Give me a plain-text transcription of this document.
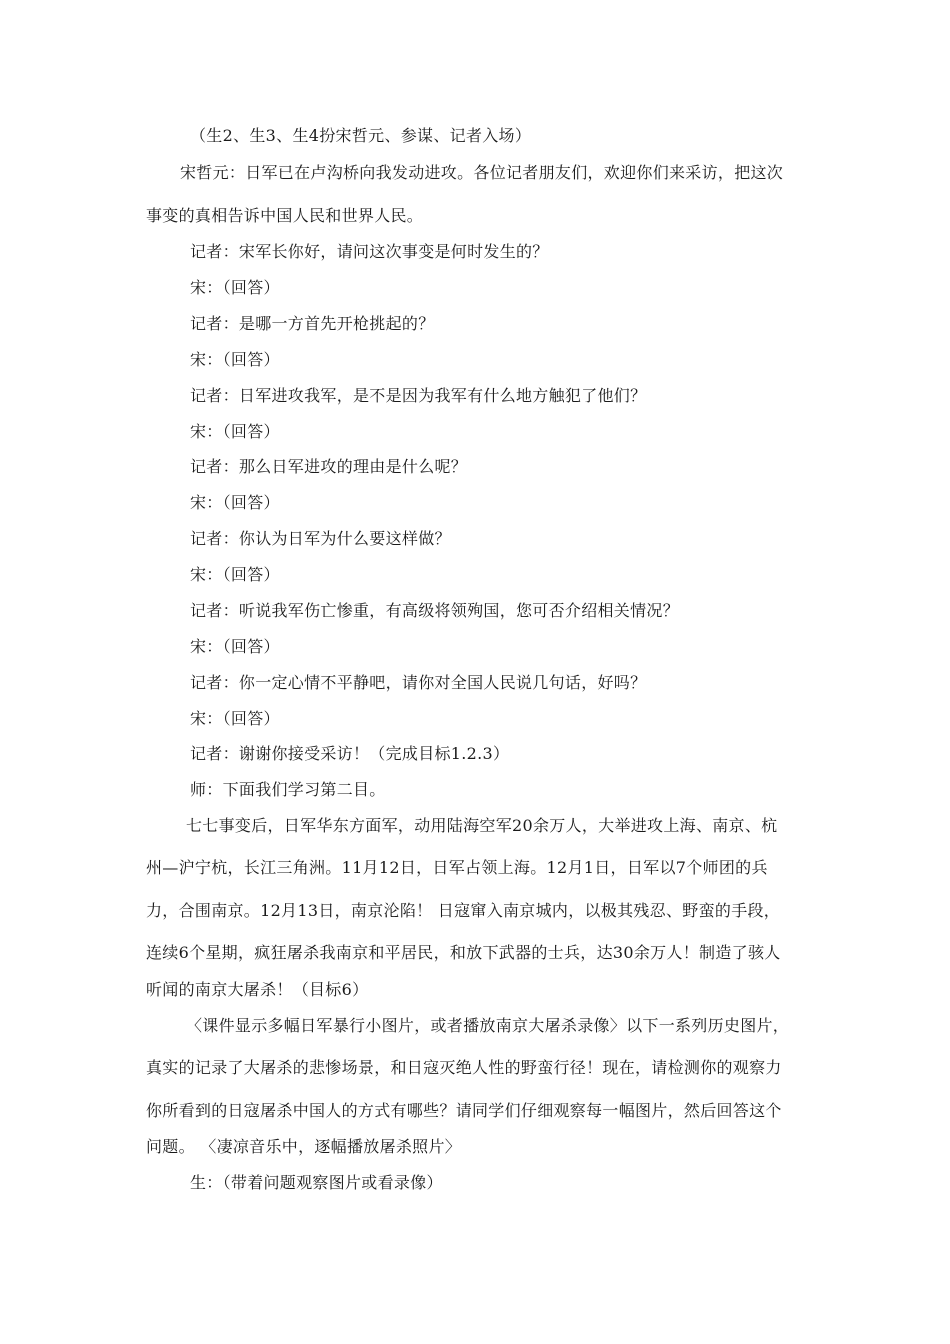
（生2、生3、生4扮宋哲元、参谋、记者入场）
宋哲元：日军已在卢沟桥向我发动进攻。各位记者朋友们，欢迎你们来采访，把这次
事变的真相告诉中国人民和世界人民。
记者：宋军长你好，请问这次事变是何时发生的？
宋：（回答）
记者：是哪一方首先开枪挑起的？
宋：（回答）
记者：日军进攻我军，是不是因为我军有什么地方触犯了他们？
宋：（回答）
记者：那么日军进攻的理由是什么呢？
宋：（回答）
记者：你认为日军为什么要这样做？
宋：（回答）
记者：听说我军伤亡惨重，有高级将领殉国，您可否介绍相关情况？
宋：（回答）
记者：你一定心情不平静吧，请你对全国人民说几句话，好吗？
宋：（回答）
记者：谢谢你接受采访！（完成目标1.2.3）
师：下面我们学习第二目。
七七事变后，日军华东方面军，动用陆海空军20余万人，大举进攻上海、南京、杭
州—沪宁杭，长江三角洲。11月12日，日军占领上海。12月1日，日军以7个师团的兵
力，合围南京。12月13日，南京沦陷！ 日寇窜入南京城内，以极其残忍、野蛮的手段，
连续6个星期，疯狂屠杀我南京和平居民，和放下武器的士兵，达30余万人！制造了骇人
听闻的南京大屠杀！（目标6）
〈课件显示多幅日军暴行小图片，或者播放南京大屠杀录像〉以下一系列历史图片，
真实的记录了大屠杀的悲惨场景，和日寇灭绝人性的野蛮行径！现在，请检测你的观察力
你所看到的日寇屠杀中国人的方式有哪些？请同学们仔细观察每一幅图片，然后回答这个
问题。 〈凄凉音乐中，逐幅播放屠杀照片〉
生：（带着问题观察图片或看录像）
